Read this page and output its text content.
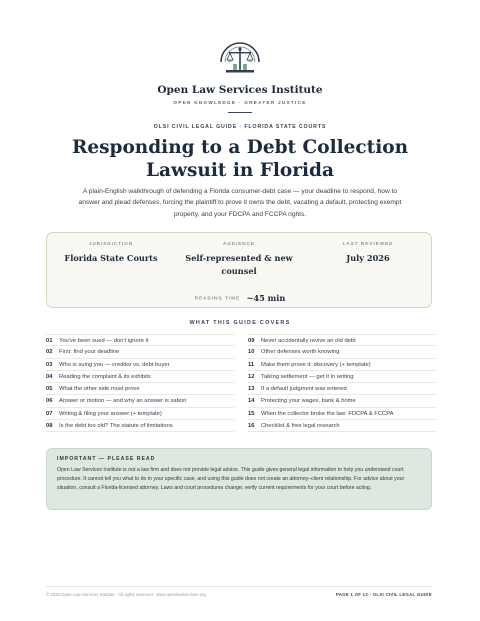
Open Law Services Institute
OPEN KNOWLEDGE · GREATER JUSTICE
OLSI CIVIL LEGAL GUIDE · FLORIDA STATE COURTS
Responding to a Debt Collection
Lawsuit in Florida

A plain-English walkthrough of defending a Florida consumer-debt case — your deadline to respond, how to answer and plead defenses, forcing the plaintiff to prove it owns the debt, vacating a default, protecting exempt property, and your FDCPA and FCCPA rights.

JURISDICTION
Florida State Courts
AUDIENCE
Self-represented & new counsel
LAST REVIEWED
July 2026
READING TIME ~45 min
WHAT THIS GUIDE COVERS
01 You've been sued — don't ignore it
02 First: find your deadline
03 Who is suing you — creditor vs. debt buyer
04 Reading the complaint & its exhibits
05 What the other side must prove
06 Answer or motion — and why an answer is safest
07 Writing & filing your answer (+ template)
08 Is the debt too old? The statute of limitations
09 Never accidentally revive an old debt
10 Other defenses worth knowing
11 Make them prove it: discovery (+ template)
12 Talking settlement — get it in writing
13 If a default judgment was entered
14 Protecting your wages, bank & home
15 When the collector broke the law: FDCPA & FCCPA
16 Checklist & free legal research
IMPORTANT — PLEASE READ
Open Law Services Institute is not a law firm and does not provide legal advice. This guide gives general legal information to help you understand court procedure. It cannot tell you what to do in your specific case, and using this guide does not create an attorney–client relationship. For advice about your situation, consult a Florida-licensed attorney. Laws and court procedures change; verify current requirements for your court before acting.
© 2026 Open Law Services Institute · All rights reserved · www.openlawservices.org	PAGE 1 OF 12 · OLSI CIVIL LEGAL GUIDE
